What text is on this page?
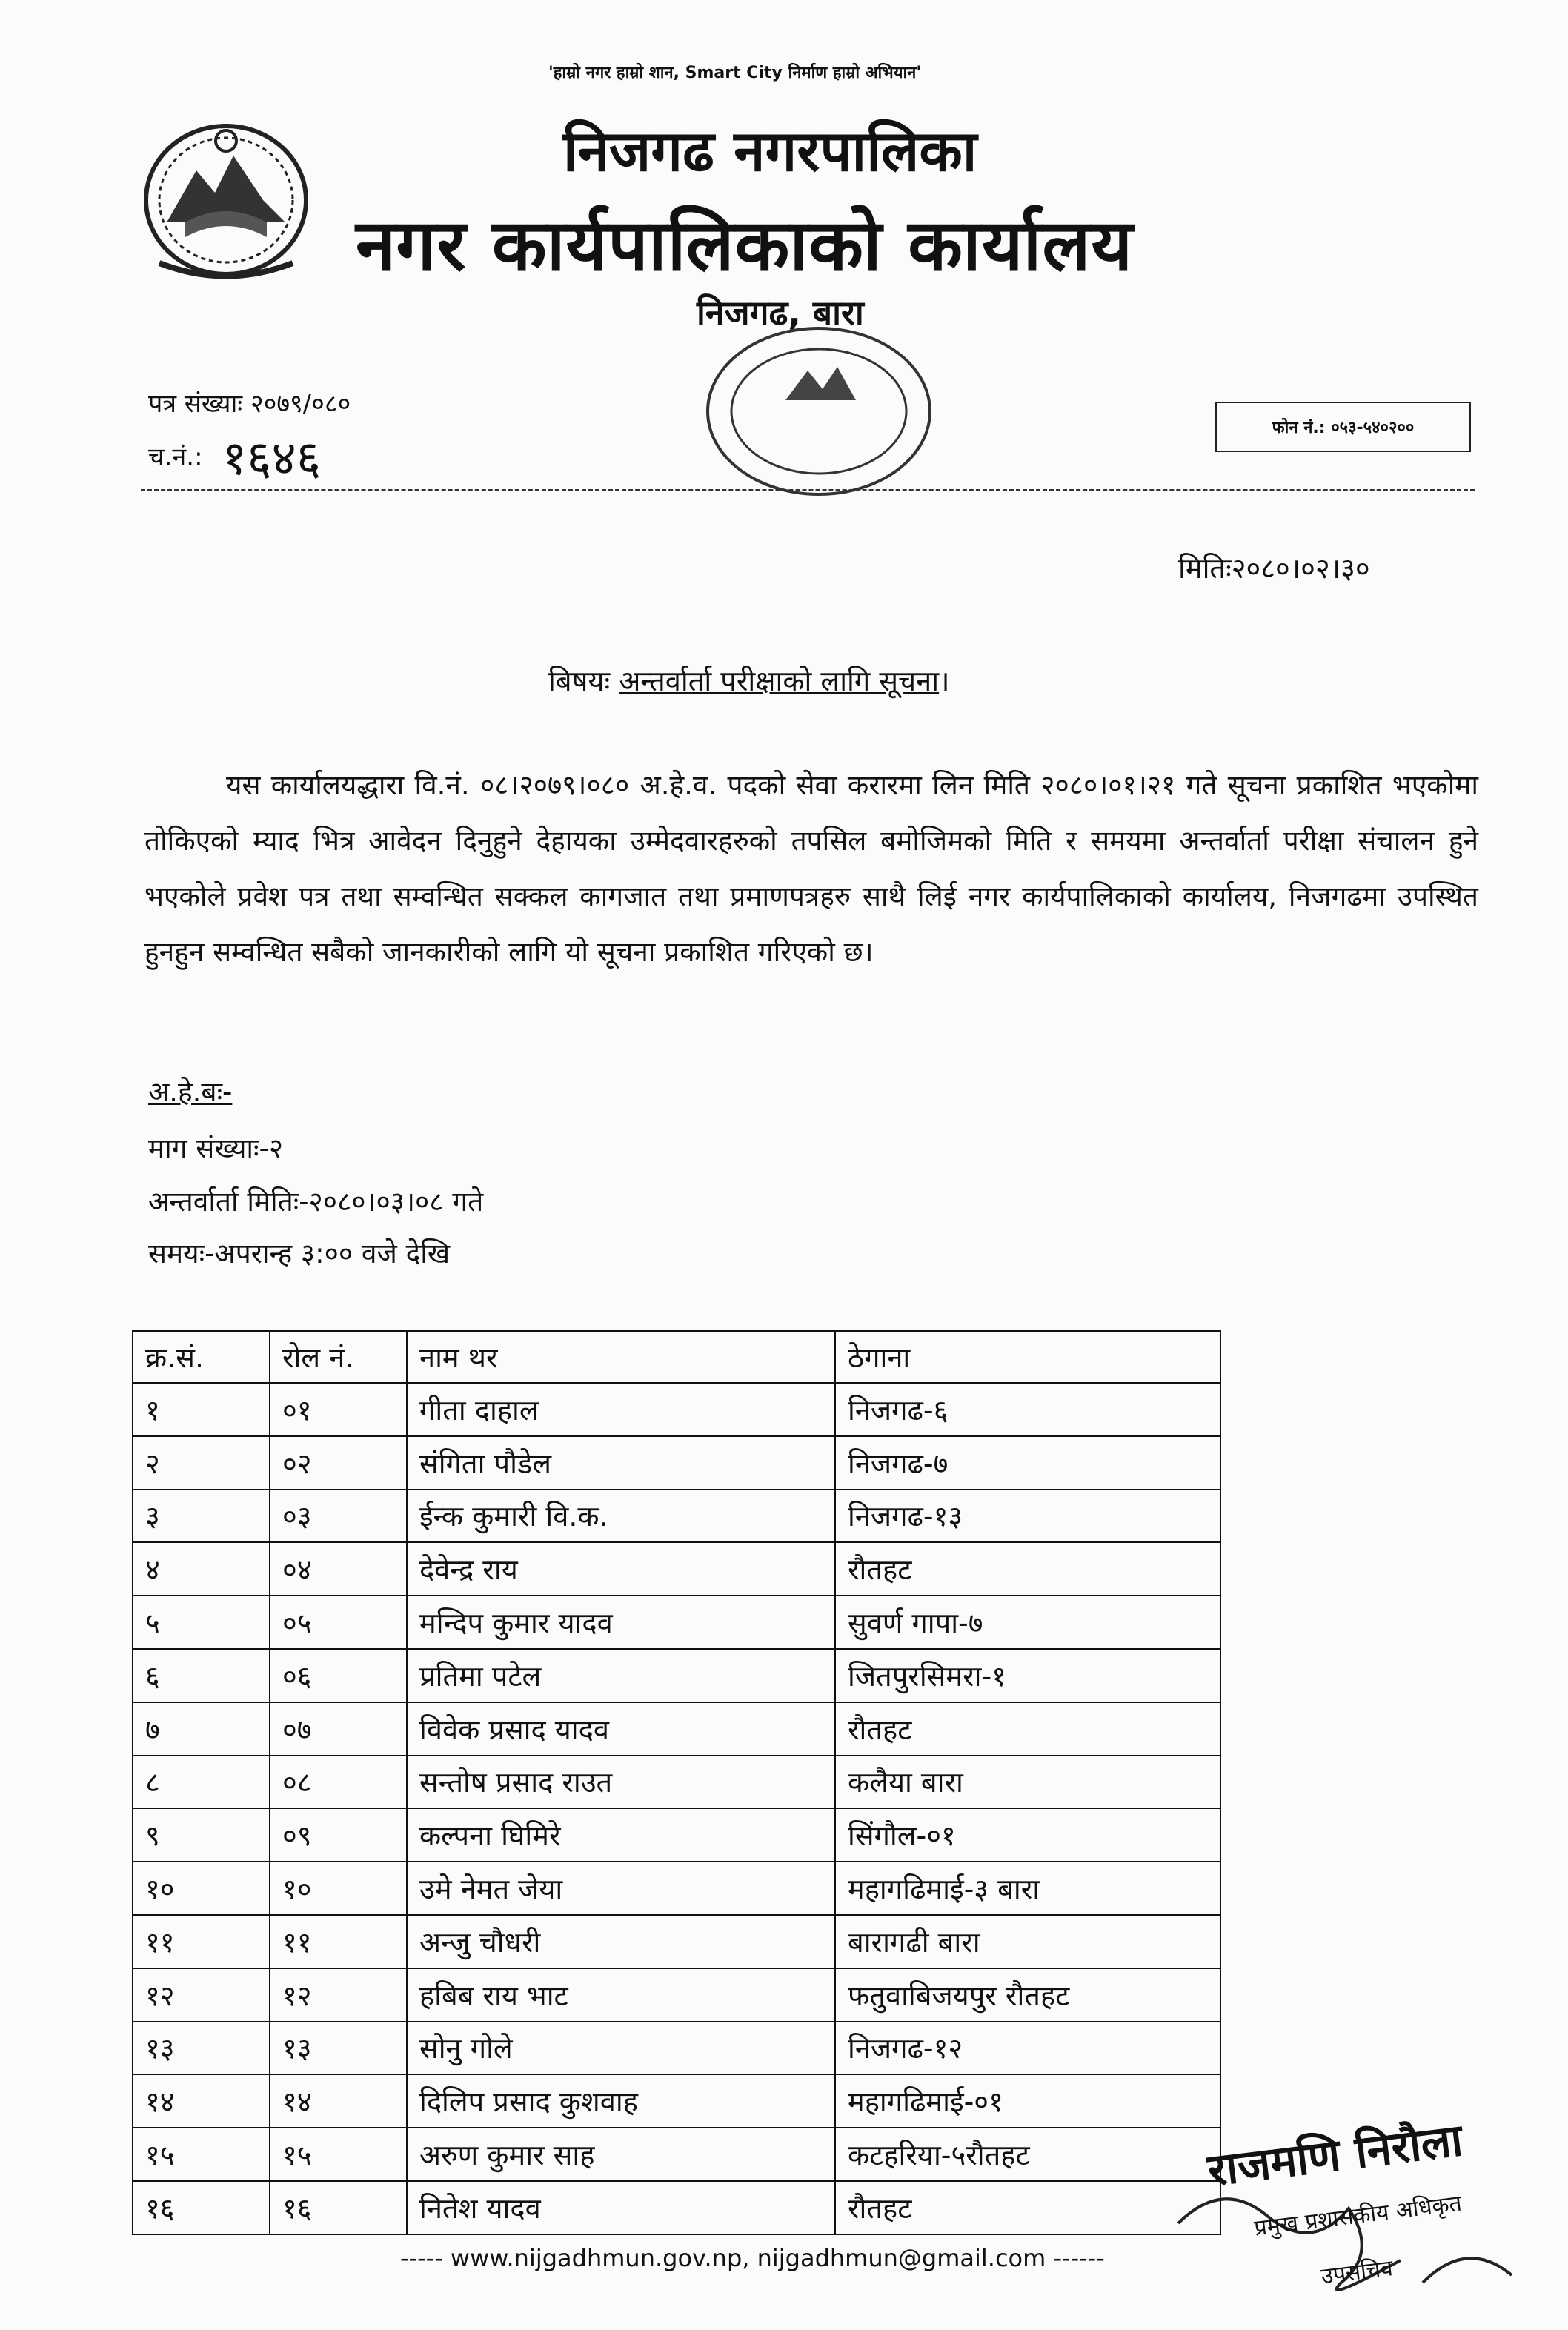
'हाम्रो नगर हाम्रो शान, Smart City निर्माण हाम्रो अभियान'
निजगढ नगरपालिका
नगर कार्यपालिकाको कार्यालय
निजगढ, बारा
पत्र संख्याः २०७९/०८०
च.नं.: १६४६
फोन नं.: ०५३-५४०२००
मितिः२०८०।०२।३०
बिषयः अन्तर्वार्ता परीक्षाको लागि सूचना।
यस कार्यालयद्धारा वि.नं. ०८।२०७९।०८० अ.हे.व. पदको सेवा करारमा लिन मिति २०८०।०१।२१ गते सूचना प्रकाशित भएकोमा तोकिएको म्याद भित्र आवेदन दिनुहुने देहायका उम्मेदवारहरुको तपसिल बमोजिमको मिति र समयमा अन्तर्वार्ता परीक्षा संचालन हुने भएकोले प्रवेश पत्र तथा सम्वन्धित सक्कल कागजात तथा प्रमाणपत्रहरु साथै लिई नगर कार्यपालिकाको कार्यालय, निजगढमा उपस्थित हुनहुन सम्वन्धित सबैको जानकारीको लागि यो सूचना प्रकाशित गरिएको छ।
अ.हे.बः-
माग संख्याः-२
अन्तर्वार्ता मितिः-२०८०।०३।०८ गते
समयः-अपरान्ह ३:०० वजे देखि
क्र.सं.	रोल नं.	नाम थर	ठेगाना
१	०१	गीता दाहाल	निजगढ-६
२	०२	संगिता पौडेल	निजगढ-७
३	०३	ईन्क कुमारी वि.क.	निजगढ-१३
४	०४	देवेन्द्र राय	रौतहट
५	०५	मन्दिप कुमार यादव	सुवर्ण गापा-७
६	०६	प्रतिमा पटेल	जितपुरसिमरा-१
७	०७	विवेक प्रसाद यादव	रौतहट
८	०८	सन्तोष प्रसाद राउत	कलैया बारा
९	०९	कल्पना घिमिरे	सिंगौल-०१
१०	१०	उमे नेमत जेया	महागढिमाई-३ बारा
११	११	अन्जु चौधरी	बारागढी बारा
१२	१२	हबिब राय भाट	फतुवाबिजयपुर रौतहट
१३	१३	सोनु गोले	निजगढ-१२
१४	१४	दिलिप प्रसाद कुशवाह	महागढिमाई-०१
१५	१५	अरुण कुमार साह	कटहरिया-५रौतहट
१६	१६	नितेश यादव	रौतहट
राजमणि निरौला
प्रमुख प्रशासकीय अधिकृत
उपसचिव
----- www.nijgadhmun.gov.np, nijgadhmun@gmail.com ------
